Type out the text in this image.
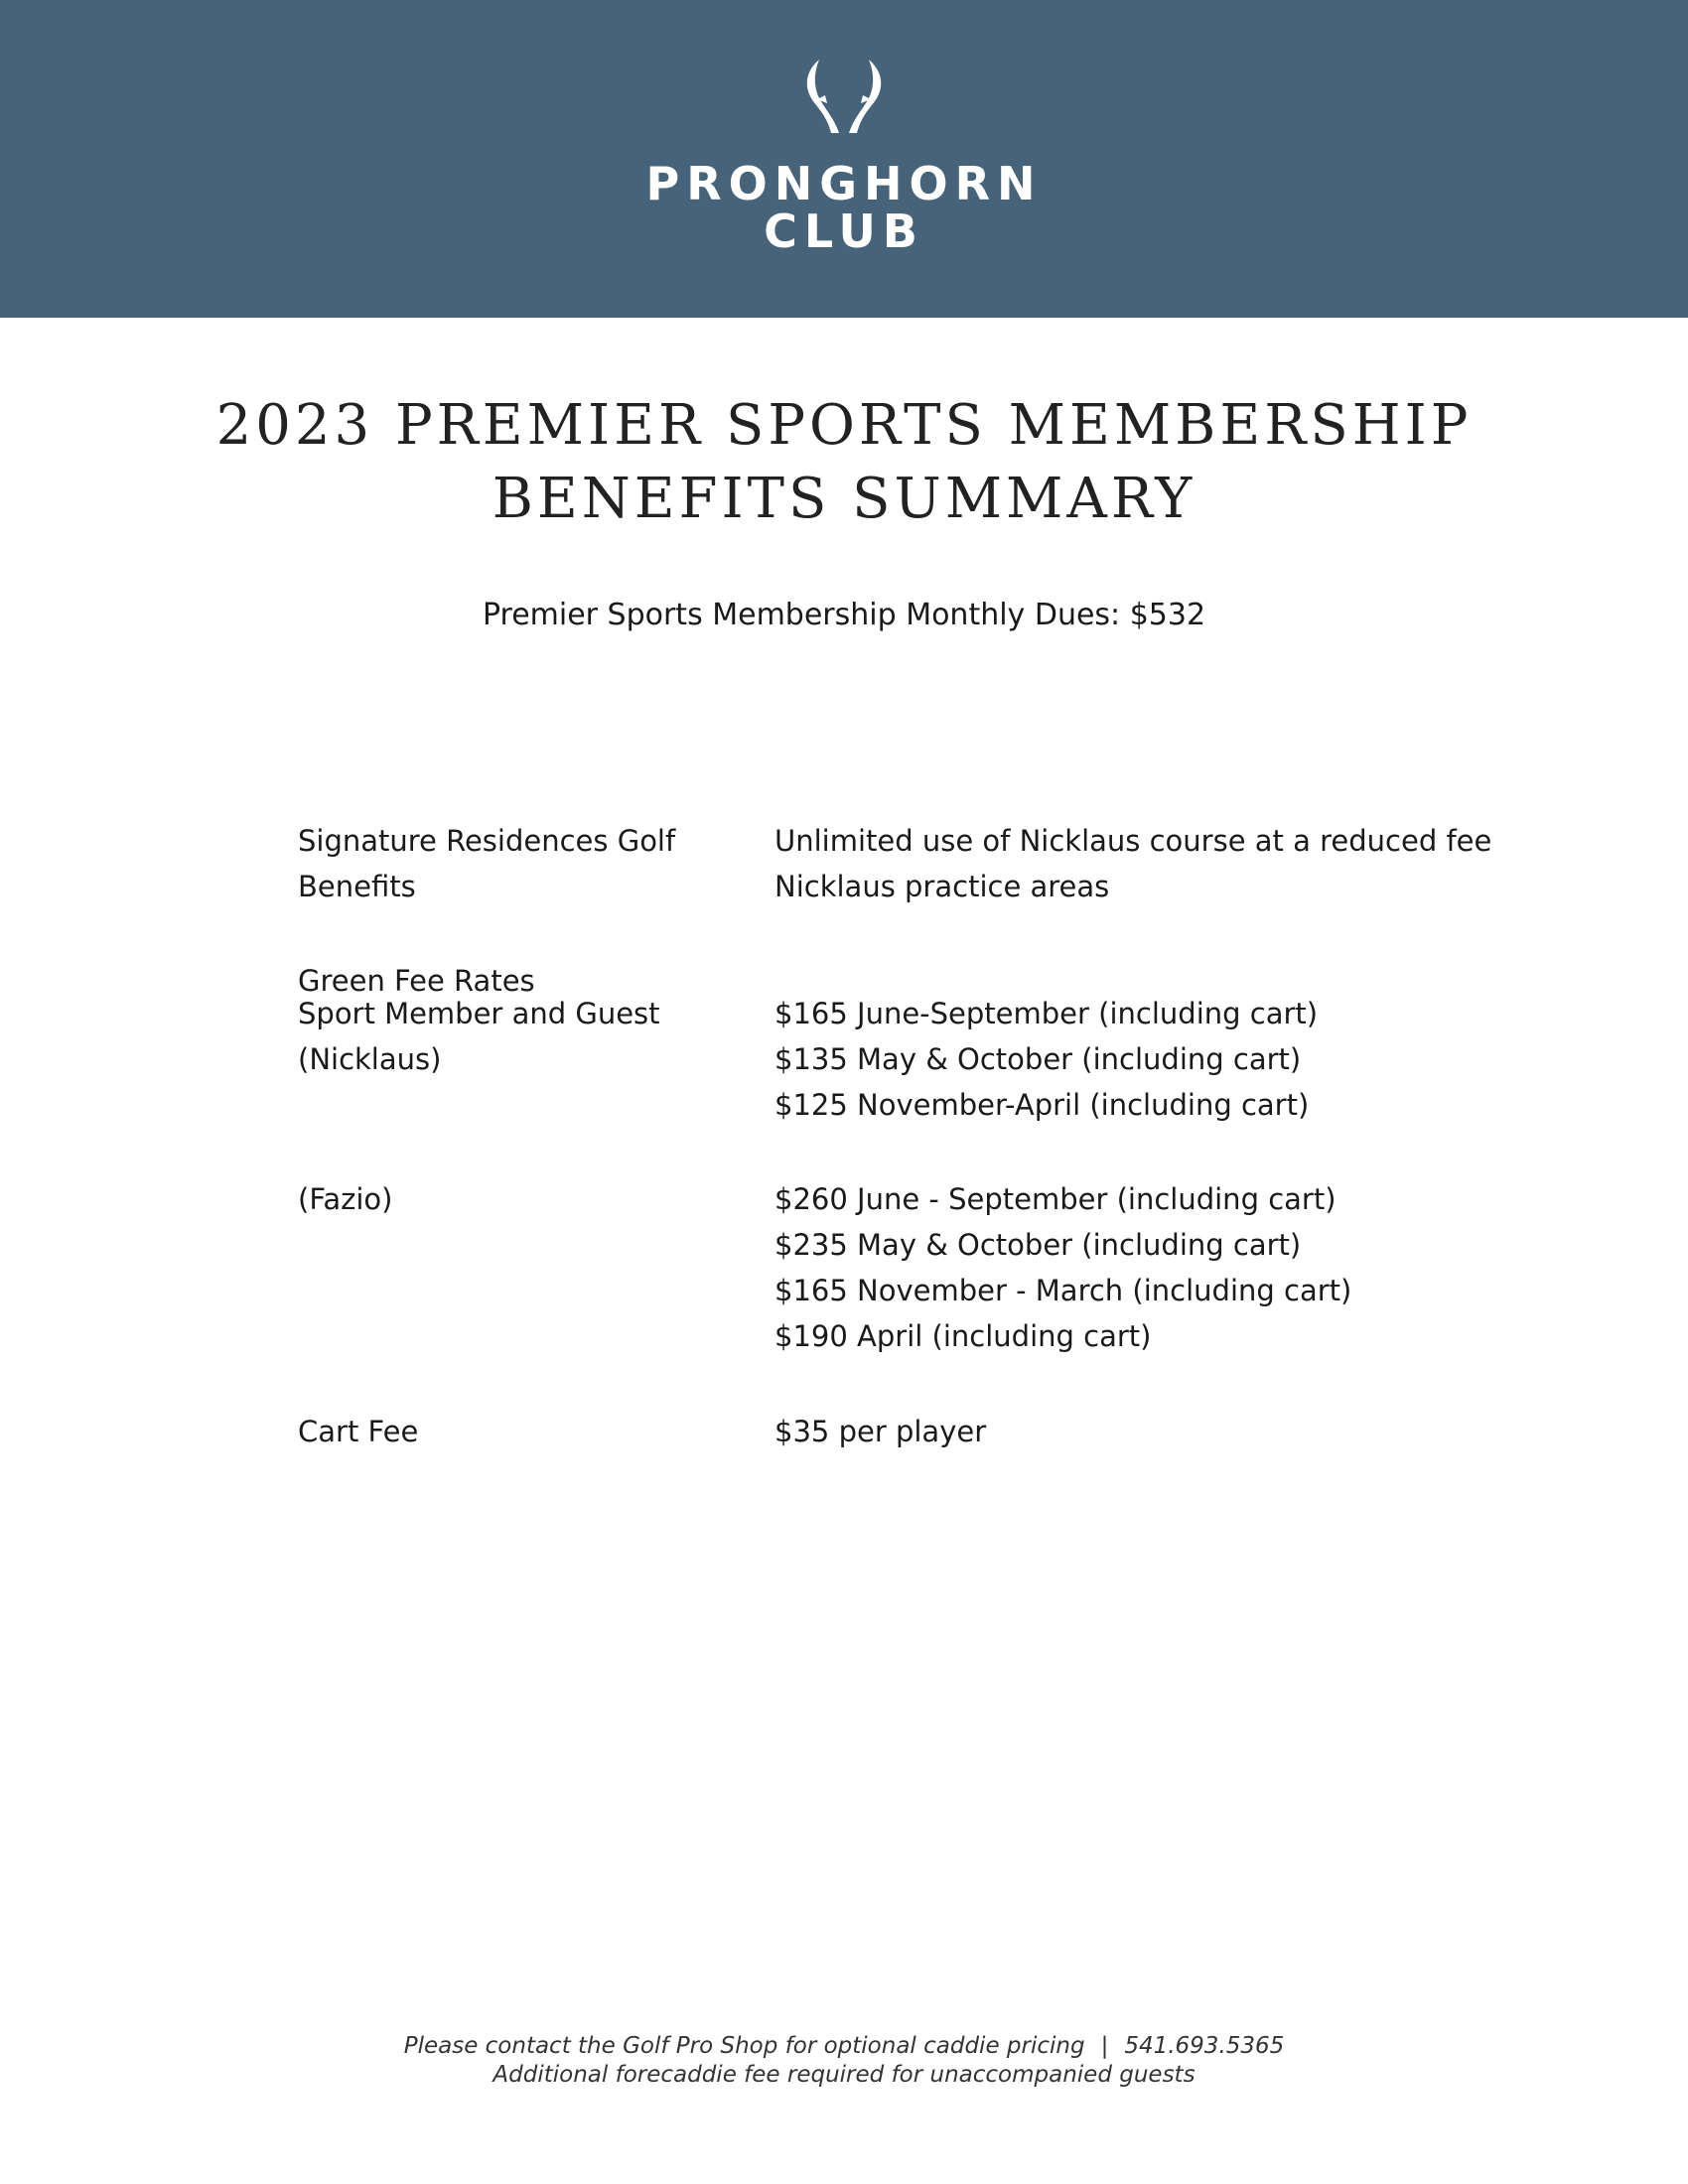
PRONGHORN
CLUB
2023 PREMIER SPORTS MEMBERSHIP
BENEFITS SUMMARY
Premier Sports Membership Monthly Dues: $532
Signature Residences Golf
Benefits
Unlimited use of Nicklaus course at a reduced fee
Nicklaus practice areas
Green Fee Rates
Sport Member and Guest
(Nicklaus)
$165 June-September (including cart)
$135 May & October (including cart)
$125 November-April (including cart)
(Fazio)	$260 June - September (including cart)
$235 May & October (including cart)
$165 November - March (including cart)
$190 April (including cart)
Cart Fee	$35 per player
Please contact the Golf Pro Shop for optional caddie pricing | 541.693.5365
Additional forecaddie fee required for unaccompanied guests
